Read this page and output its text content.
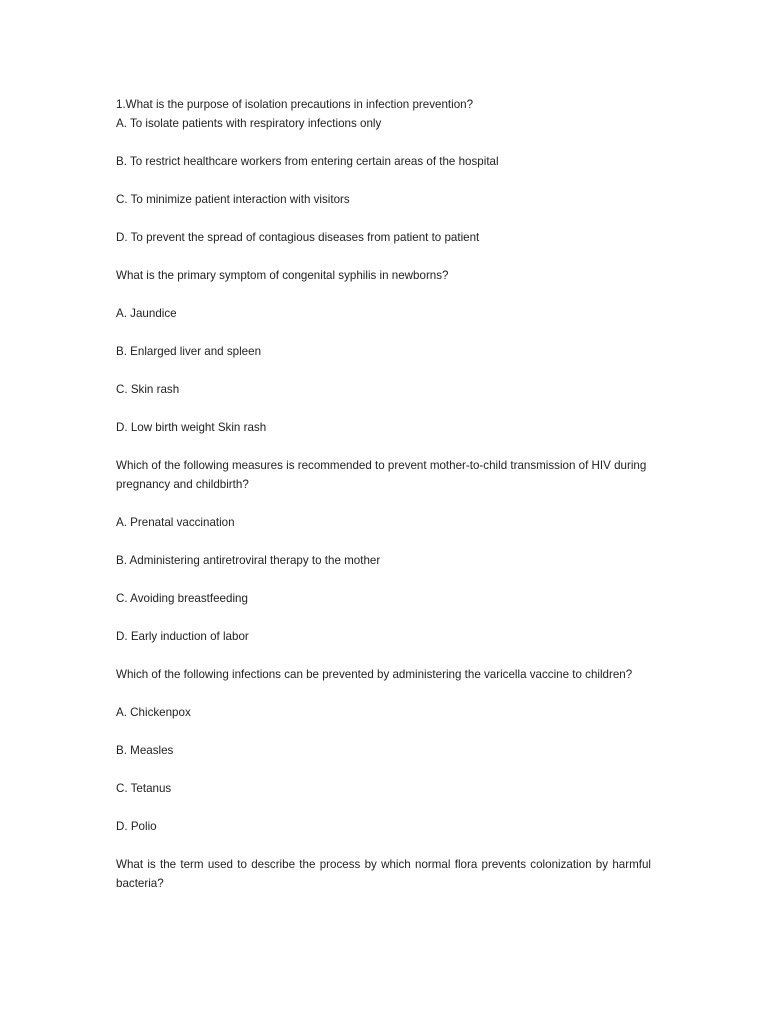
1.What is the purpose of isolation precautions in infection prevention?
A. To isolate patients with respiratory infections only
B. To restrict healthcare workers from entering certain areas of the hospital
C. To minimize patient interaction with visitors
D. To prevent the spread of contagious diseases from patient to patient
What is the primary symptom of congenital syphilis in newborns?
A. Jaundice
B. Enlarged liver and spleen
C. Skin rash
D. Low birth weight Skin rash
Which of the following measures is recommended to prevent mother-to-child transmission of HIV during pregnancy and childbirth?
A. Prenatal vaccination
B. Administering antiretroviral therapy to the mother
C. Avoiding breastfeeding
D. Early induction of labor
Which of the following infections can be prevented by administering the varicella vaccine to children?
A. Chickenpox
B. Measles
C. Tetanus
D. Polio
What is the term used to describe the process by which normal flora prevents colonization by harmful bacteria?
